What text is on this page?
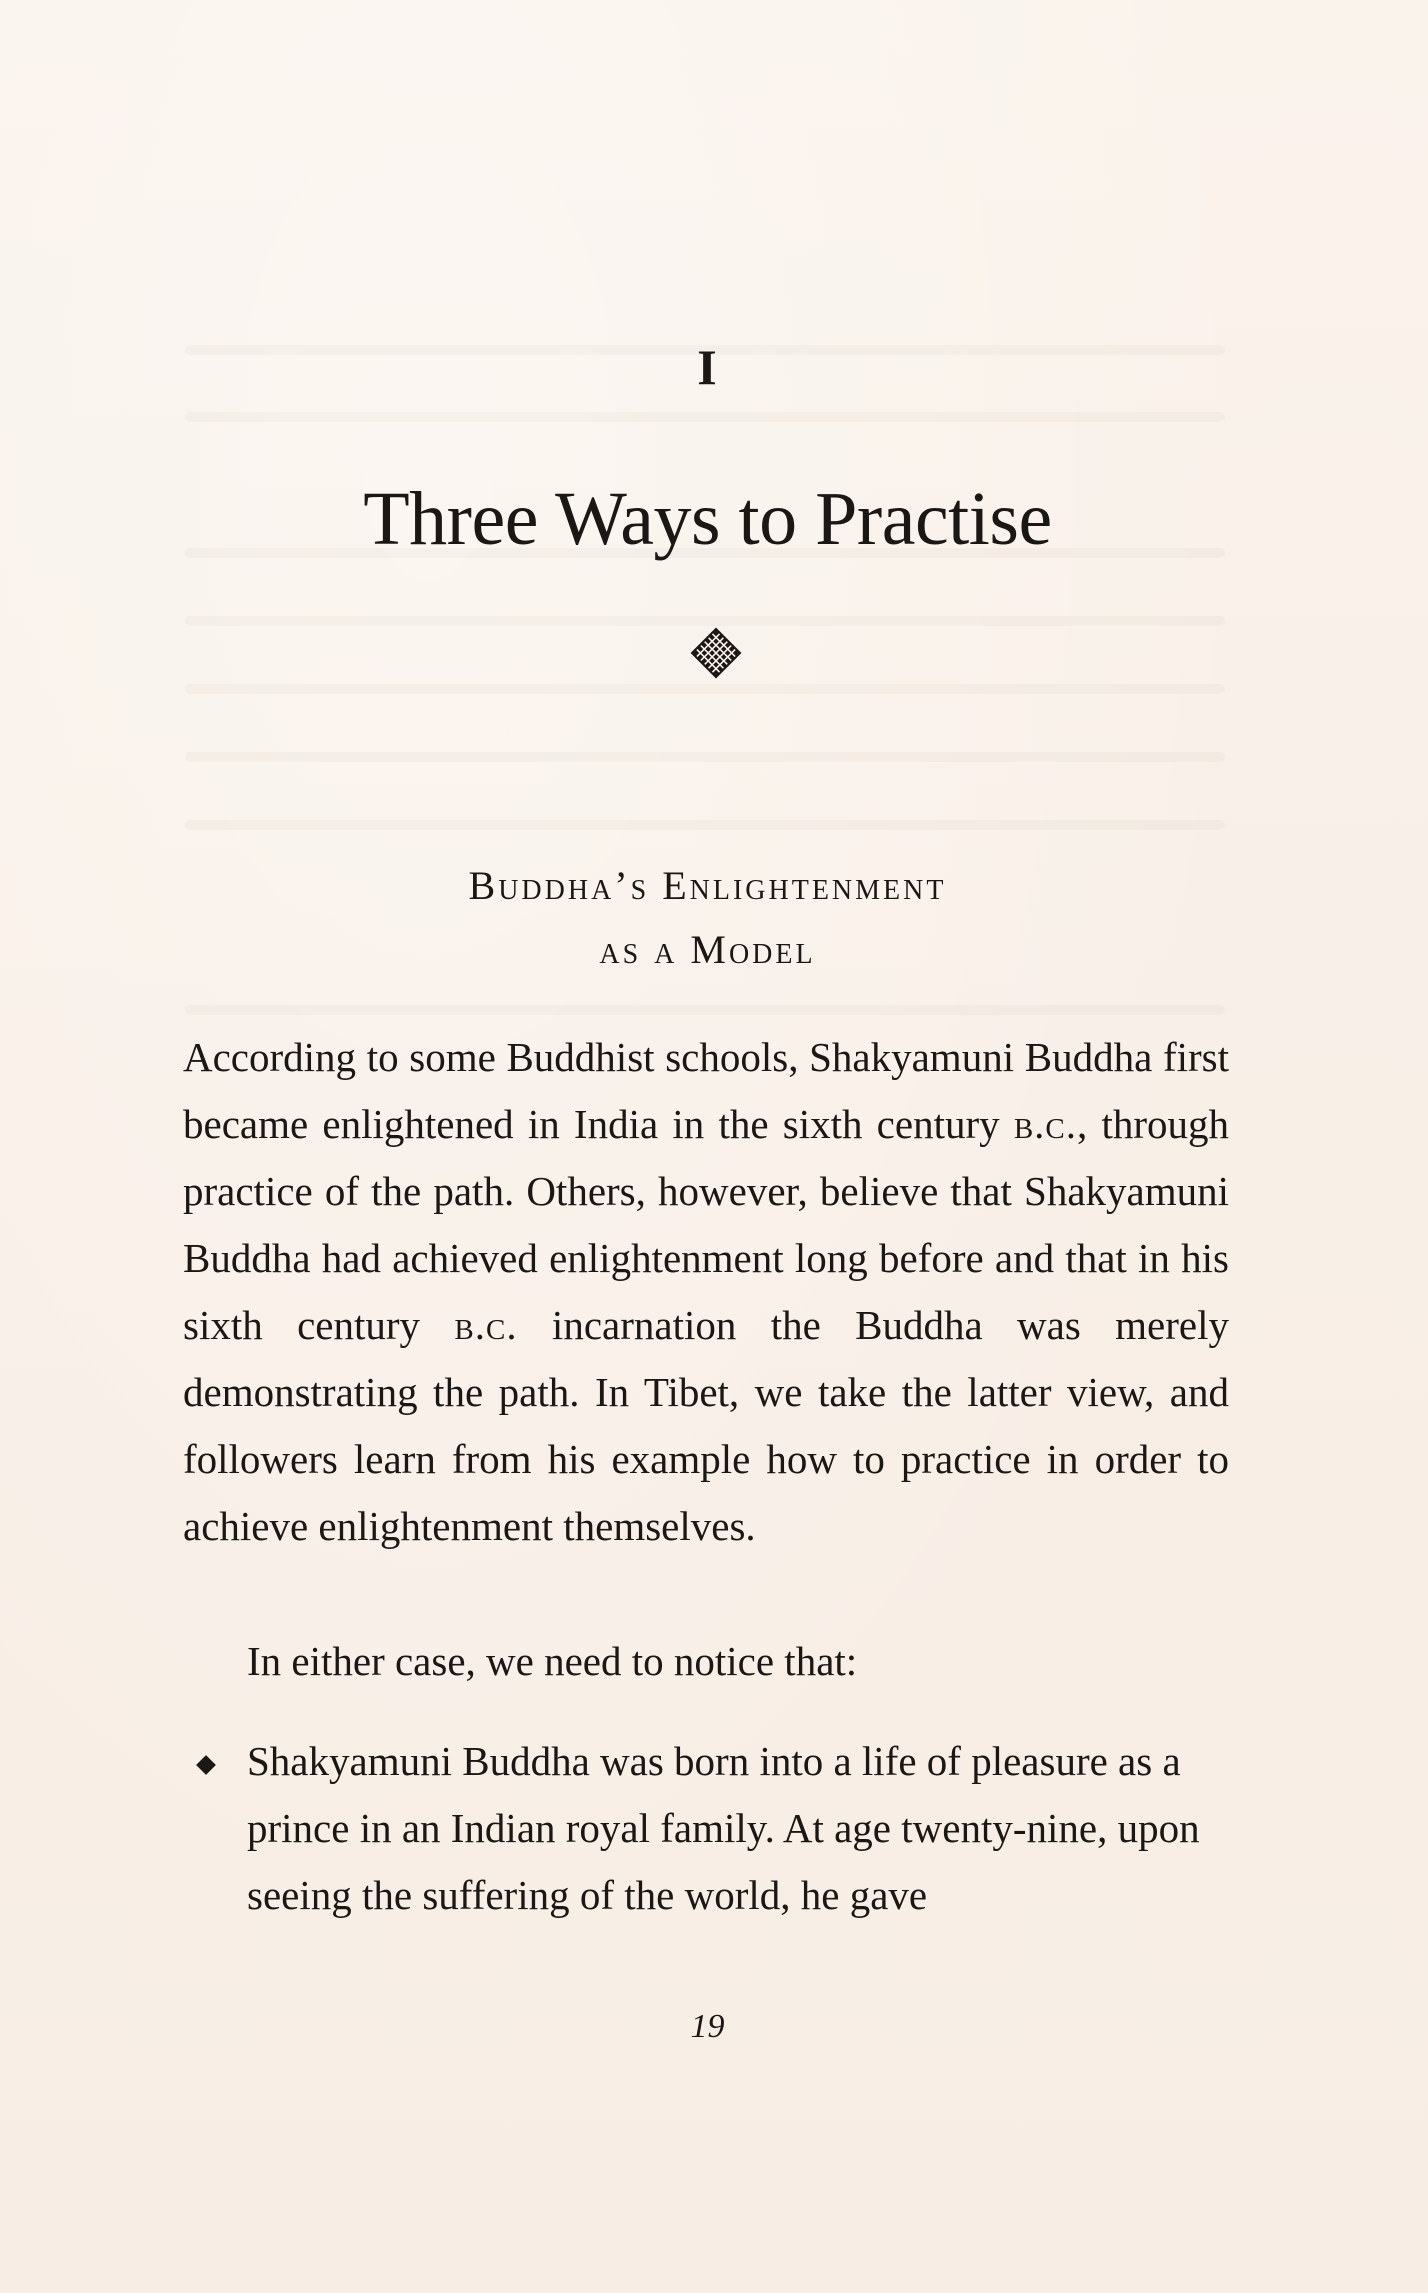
I
Three Ways to Practise
Buddha’s Enlightenment
as a Model

According to some Buddhist schools, Shakyamuni Buddha first became enlightened in India in the sixth century b.c., through practice of the path. Others, however, believe that Shakyamuni Buddha had achieved enlightenment long before and that in his sixth century b.c. incarnation the Buddha was merely demonstrating the path. In Tibet, we take the latter view, and followers learn from his example how to practice in order to achieve enlightenment themselves.

In either case, we need to notice that:

Shakyamuni Buddha was born into a life of pleasure as a prince in an Indian royal family. At age twenty-nine, upon seeing the suffering of the world, he gave

19
